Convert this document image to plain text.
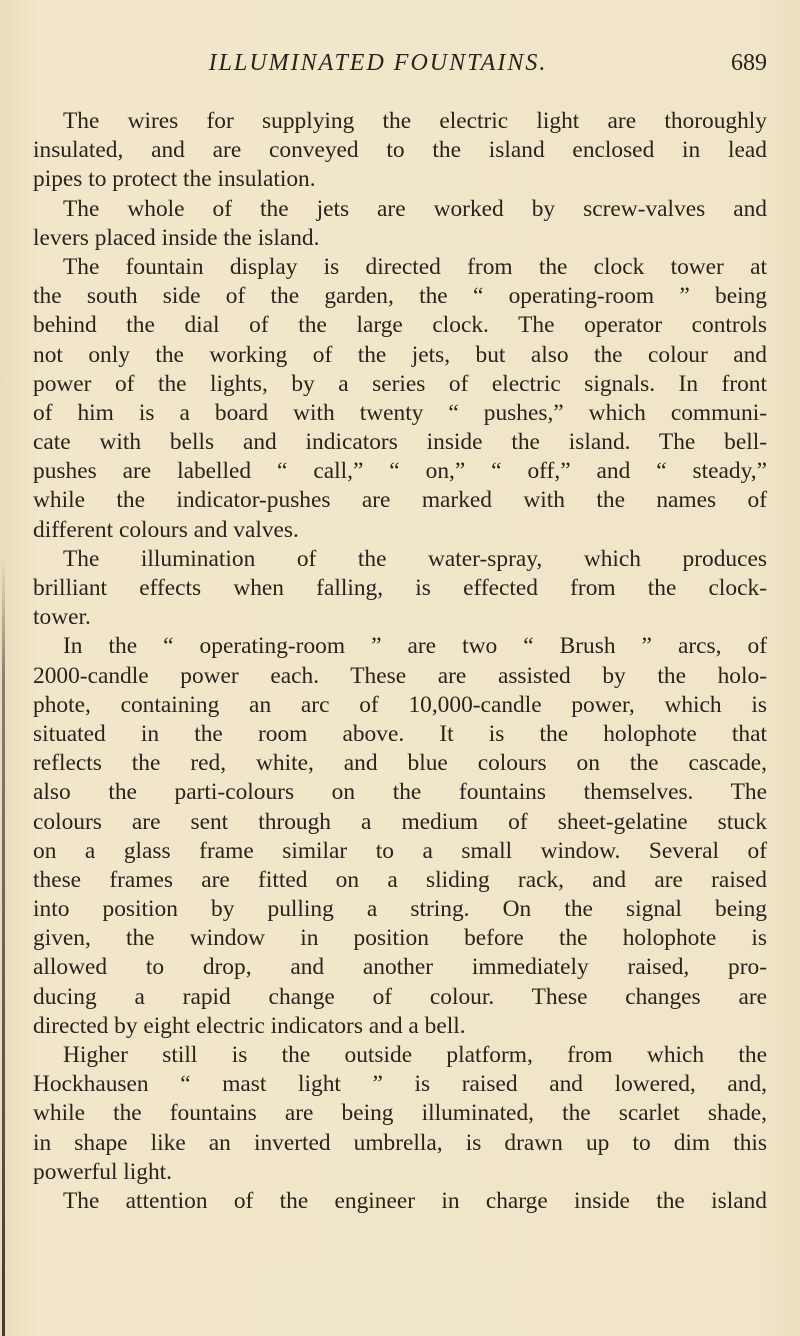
ILLUMINATED FOUNTAINS.	689
The wires for supplying the electric light are thoroughly
insulated, and are conveyed to the island enclosed in lead
pipes to protect the insulation.
The whole of the jets are worked by screw-valves and
levers placed inside the island.
The fountain display is directed from the clock tower at
the south side of the garden, the “ operating-room ” being
behind the dial of the large clock. The operator controls
not only the working of the jets, but also the colour and
power of the lights, by a series of electric signals. In front
of him is a board with twenty “ pushes,” which communi-
cate with bells and indicators inside the island. The bell-
pushes are labelled “ call,” “ on,” “ off,” and “ steady,”
while the indicator-pushes are marked with the names of
different colours and valves.
The illumination of the water-spray, which produces
brilliant effects when falling, is effected from the clock-
tower.
In the “ operating-room ” are two “ Brush ” arcs, of
2000-candle power each. These are assisted by the holo-
phote, containing an arc of 10,000-candle power, which is
situated in the room above. It is the holophote that
reflects the red, white, and blue colours on the cascade,
also the parti-colours on the fountains themselves. The
colours are sent through a medium of sheet-gelatine stuck
on a glass frame similar to a small window. Several of
these frames are fitted on a sliding rack, and are raised
into position by pulling a string. On the signal being
given, the window in position before the holophote is
allowed to drop, and another immediately raised, pro-
ducing a rapid change of colour. These changes are
directed by eight electric indicators and a bell.
Higher still is the outside platform, from which the
Hockhausen “ mast light ” is raised and lowered, and,
while the fountains are being illuminated, the scarlet shade,
in shape like an inverted umbrella, is drawn up to dim this
powerful light.
The attention of the engineer in charge inside the island
